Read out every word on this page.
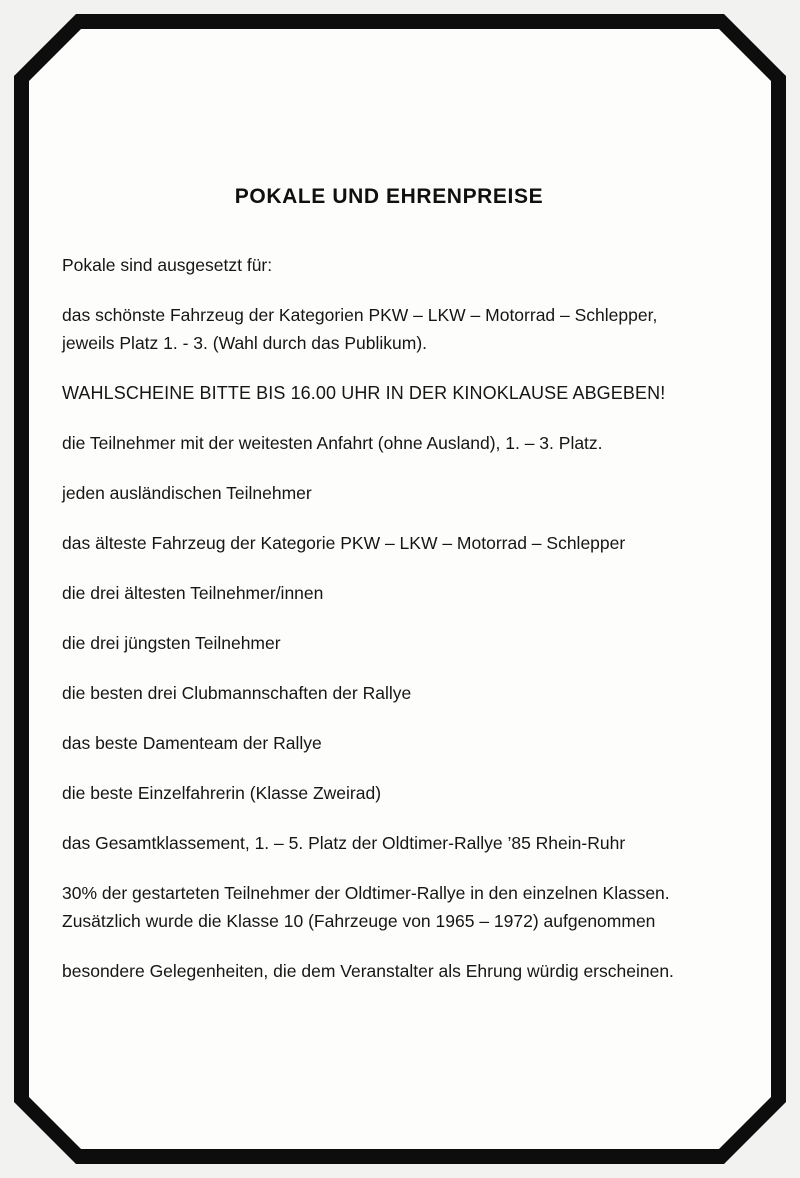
POKALE UND EHRENPREISE

Pokale sind ausgesetzt für:

das schönste Fahrzeug der Kategorien PKW – LKW – Motorrad – Schlepper,

jeweils Platz 1. - 3. (Wahl durch das Publikum).

WAHLSCHEINE BITTE BIS 16.00 UHR IN DER KINOKLAUSE ABGEBEN!

die Teilnehmer mit der weitesten Anfahrt (ohne Ausland), 1. – 3. Platz.

jeden ausländischen Teilnehmer

das älteste Fahrzeug der Kategorie PKW – LKW – Motorrad – Schlepper

die drei ältesten Teilnehmer/innen

die drei jüngsten Teilnehmer

die besten drei Clubmannschaften der Rallye

das beste Damenteam der Rallye

die beste Einzelfahrerin (Klasse Zweirad)

das Gesamtklassement, 1. – 5. Platz der Oldtimer-Rallye ’85 Rhein-Ruhr

30% der gestarteten Teilnehmer der Oldtimer-Rallye in den einzelnen Klassen.

Zusätzlich wurde die Klasse 10 (Fahrzeuge von 1965 – 1972) aufgenommen

besondere Gelegenheiten, die dem Veranstalter als Ehrung würdig erscheinen.
